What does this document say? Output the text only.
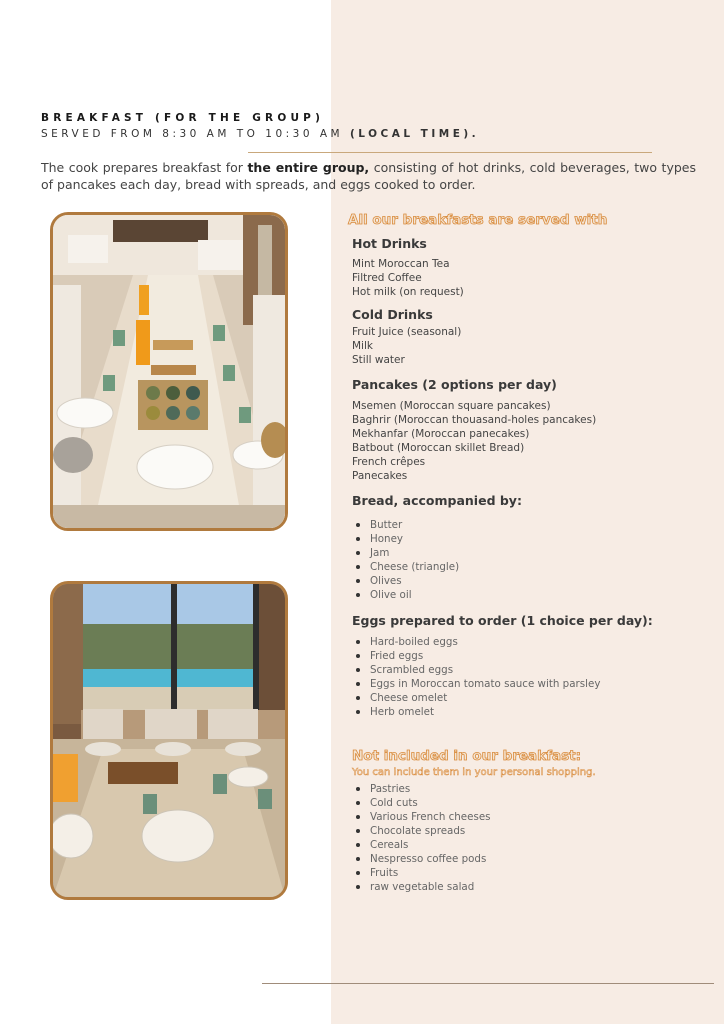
BREAKFAST (FOR THE GROUP)
SERVED FROM 8:30 AM TO 10:30 AM (LOCAL TIME).
The cook prepares breakfast for the entire group, consisting of hot drinks, cold beverages, two types of pancakes each day, bread with spreads, and eggs cooked to order.
All our breakfasts are served with
Hot Drinks
Mint Moroccan Tea
Filtred Coffee
Hot milk (on request)
Cold Drinks
Fruit Juice (seasonal)
Milk
Still water
Pancakes (2 options per day)
Msemen (Moroccan square pancakes)
Baghrir (Moroccan thouasand-holes pancakes)
Mekhanfar (Moroccan panecakes)
Batbout (Moroccan skillet Bread)
French crêpes
Panecakes
Bread, accompanied by:
Butter
Honey
Jam
Cheese (triangle)
Olives
Olive oil
Eggs prepared to order (1 choice per day):
Hard-boiled eggs
Fried eggs
Scrambled eggs
Eggs in Moroccan tomato sauce with parsley
Cheese omelet
Herb omelet
Not included in our breakfast:
You can include them in your personal shopping.
Pastries
Cold cuts
Various French cheeses
Chocolate spreads
Cereals
Nespresso coffee pods
Fruits
raw vegetable salad
